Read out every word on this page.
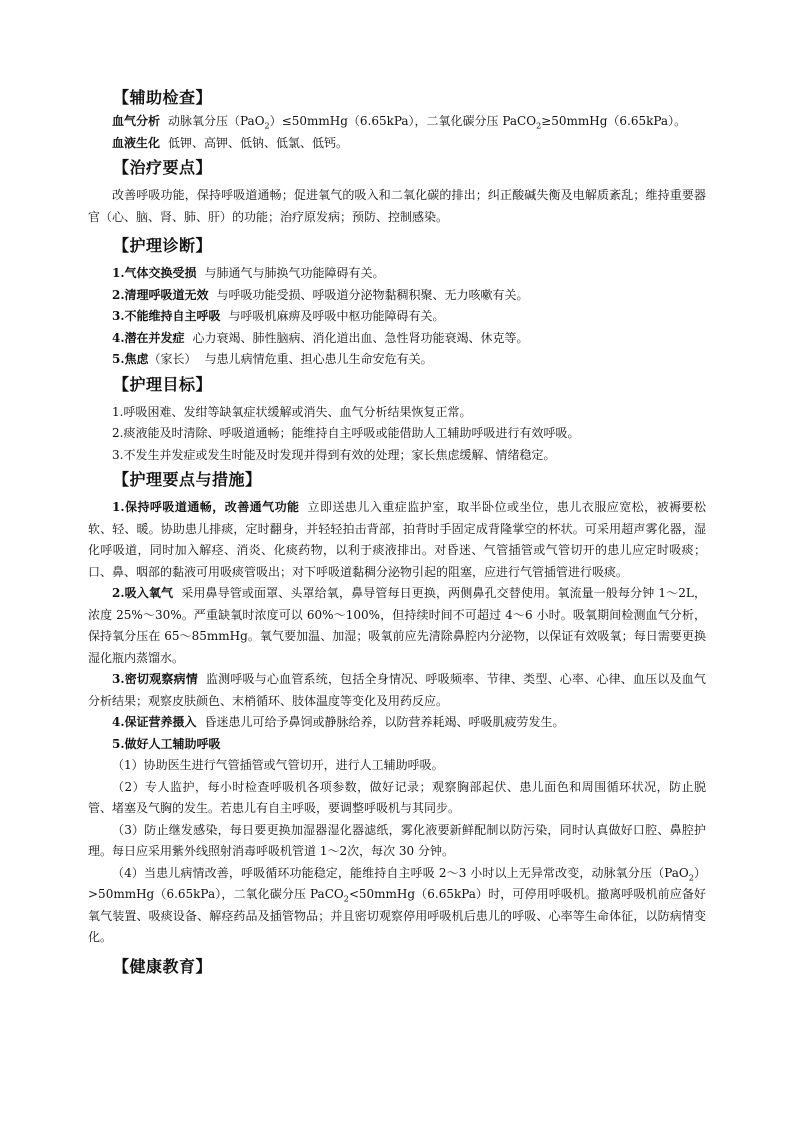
【辅助检查】

血气分析 动脉氧分压（PaO$_2$）≤50mmHg（6.65kPa），二氧化碳分压 PaCO$_2$≥50mmHg（6.65kPa）。

血液生化 低钾、高钾、低钠、低氯、低钙。

【治疗要点】

改善呼吸功能，保持呼吸道通畅；促进氧气的吸入和二氧化碳的排出；纠正酸碱失衡及电解质紊乱；维持重要器官（心、脑、肾、肺、肝）的功能；治疗原发病；预防、控制感染。

【护理诊断】

1.气体交换受损 与肺通气与肺换气功能障碍有关。

2.清理呼吸道无效 与呼吸功能受损、呼吸道分泌物黏稠积聚、无力咳嗽有关。

3.不能维持自主呼吸 与呼吸机麻痹及呼吸中枢功能障碍有关。

4.潜在并发症 心力衰竭、肺性脑病、消化道出血、急性肾功能衰竭、休克等。

5.焦虑（家长） 与患儿病情危重、担心患儿生命安危有关。

【护理目标】

1.呼吸困难、发绀等缺氧症状缓解或消失、血气分析结果恢复正常。

2.痰液能及时清除、呼吸道通畅；能维持自主呼吸或能借助人工辅助呼吸进行有效呼吸。

3.不发生并发症或发生时能及时发现并得到有效的处理；家长焦虑缓解、情绪稳定。

【护理要点与措施】

1.保持呼吸道通畅，改善通气功能 立即送患儿入重症监护室，取半卧位或坐位，患儿衣服应宽松，被褥要松软、轻、暖。协助患儿排痰，定时翻身，并轻轻拍击背部，拍背时手固定成背隆掌空的杯状。可采用超声雾化器，湿化呼吸道，同时加入解痉、消炎、化痰药物，以利于痰液排出。对昏迷、气管插管或气管切开的患儿应定时吸痰；口、鼻、咽部的黏液可用吸痰管吸出；对下呼吸道黏稠分泌物引起的阻塞，应进行气管插管进行吸痰。

2.吸入氧气 采用鼻导管或面罩、头罩给氧，鼻导管每日更换，两侧鼻孔交替使用。氧流量一般每分钟 1～2L，浓度 25%～30%。严重缺氧时浓度可以 60%～100%，但持续时间不可超过 4～6 小时。吸氧期间检测血气分析，保持氧分压在 65～85mmHg。氧气要加温、加湿；吸氧前应先清除鼻腔内分泌物，以保证有效吸氧；每日需要更换湿化瓶内蒸馏水。

3.密切观察病情 监测呼吸与心血管系统，包括全身情况、呼吸频率、节律、类型、心率、心律、血压以及血气分析结果；观察皮肤颜色、末梢循环、肢体温度等变化及用药反应。

4.保证营养摄入 昏迷患儿可给予鼻饲或静脉给养，以防营养耗竭、呼吸肌疲劳发生。

5.做好人工辅助呼吸

（1）协助医生进行气管插管或气管切开，进行人工辅助呼吸。

（2）专人监护，每小时检查呼吸机各项参数，做好记录；观察胸部起伏、患儿面色和周围循环状况，防止脱管、堵塞及气胸的发生。若患儿有自主呼吸，要调整呼吸机与其同步。

（3）防止继发感染，每日要更换加湿器湿化器滤纸，雾化液要新鲜配制以防污染，同时认真做好口腔、鼻腔护理。每日应采用紫外线照射消毒呼吸机管道 1～2次，每次 30 分钟。

（4）当患儿病情改善，呼吸循环功能稳定，能维持自主呼吸 2～3 小时以上无异常改变，动脉氧分压（PaO$_2$）>50mmHg（6.65kPa），二氧化碳分压 PaCO$_2$<50mmHg（6.65kPa）时，可停用呼吸机。撤离呼吸机前应备好氧气装置、吸痰设备、解痉药品及插管物品；并且密切观察停用呼吸机后患儿的呼吸、心率等生命体征，以防病情变化。

【健康教育】
